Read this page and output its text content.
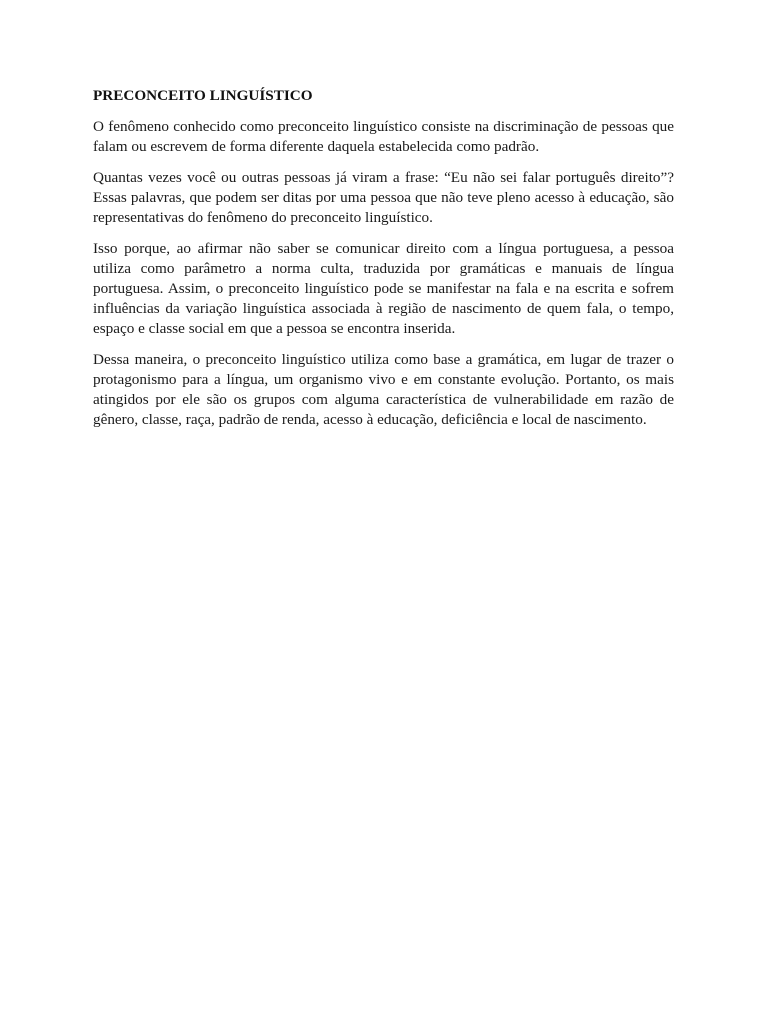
PRECONCEITO LINGUÍSTICO

O fenômeno conhecido como preconceito linguístico consiste na discriminação de pessoas que falam ou escrevem de forma diferente daquela estabelecida como padrão.

Quantas vezes você ou outras pessoas já viram a frase: “Eu não sei falar português direito”? Essas palavras, que podem ser ditas por uma pessoa que não teve pleno acesso à educação, são representativas do fenômeno do preconceito linguístico.

Isso porque, ao afirmar não saber se comunicar direito com a língua portuguesa, a pessoa utiliza como parâmetro a norma culta, traduzida por gramáticas e manuais de língua portuguesa. Assim, o preconceito linguístico pode se manifestar na fala e na escrita e sofrem influências da variação linguística associada à região de nascimento de quem fala, o tempo, espaço e classe social em que a pessoa se encontra inserida.

Dessa maneira, o preconceito linguístico utiliza como base a gramática, em lugar de trazer o protagonismo para a língua, um organismo vivo e em constante evolução. Portanto, os mais atingidos por ele são os grupos com alguma característica de vulnerabilidade em razão de gênero, classe, raça, padrão de renda, acesso à educação, deficiência e local de nascimento.
